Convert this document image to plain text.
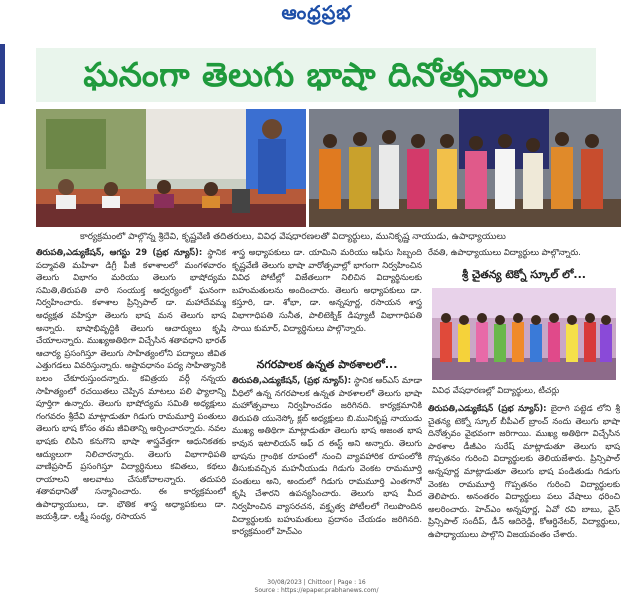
ఆంధ్రప్రభ
ఘనంగా తెలుగు భాషా దినోత్సవాలు
కార్యక్రమంలో పాల్గొన్న శ్రీదేవి, కృష్ణవేణి తదితరులు, వివిధ వేషధారణలతో విద్యార్థులు, మునికృష్ణ నాయుడు, ఉపాధ్యాయులు
తిరుపతి,ఎడ్యుకేషన్, ఆగస్టు 29 (ప్రభ న్యూస్): స్థానిక పద్మావతి మహిళా డిగ్రీ పీజీ కళాశాలలో మంగళవారం తెలుగు విభాగం మరియు తెలుగు భాషోద్యమ సమితి,తిరుపతి వారి సంయుక్త ఆధ్వర్యంలో ఘనంగా నిర్వహించారు. కళాశాల ప్రిన్సిపాల్ డా. మహాదేవమ్మ అధ్యక్షత వహిస్తూ తెలుగు భాష మన తెలుగు భాష అన్నారు. భాషాభివృద్ధికి తెలుగు ఆచార్యులు కృషి చేయాలన్నారు. ముఖ్యఅతిథిగా విచ్చేసిన శతావధాని భారత్ ఆచార్య ప్రసంగిస్తూ తెలుగు సాహిత్యంలోని పద్యాలు జీవిత ఎత్తుగడలు వివరిస్తున్నారు. అష్టావధానం పద్య సాహిత్యానికి బలం చేకూరుస్తుందన్నారు. కవిత్రయ వర్గీ నన్నయ సాహిత్యంలో రచయితలు చెప్పిన మాటలు పలి ఫ్యాలాన్ని పూర్తిగా ఉన్నారు. తెలుగు భాషోద్యమ సమితి అధ్యక్షులు గంగవరం శ్రీదేవి మాట్లాడుతూ గిడుగు రామమూర్తి పంతులు తెలుగు భాష కోసం తమ జీవితాన్ని అర్పించారన్నారు. నవల భాషకు లిపిని కనుగొని భాషా శాస్త్రవేత్తగా ఆధునికతకు ఆద్యులుగా నిలిచారన్నారు. తెలుగు విభాగాధిపతి వాణిప్రసాద్ ప్రసంగిస్తూ విద్యార్థినులు కవితలు, కథలు రాయాలని అలవాటు చేసుకోవాలన్నారు. తదుపరి శతావధానితో సన్మానించారు. ఈ కార్యక్రమంలో ఉపాధ్యాయులు, డా. భౌతిక శాస్త్ర అధ్యాపకులు డా. జయశ్రీ,డా. లక్ష్మీ సంధ్య, రసాయన
శాస్త్ర అధ్యాపకులు డా. యామిని మరియు ఆఫీసు సిబ్బంది కృష్ణవేణి తెలుగు భాషా వారోత్సవాల్లో భాగంగా నిర్వహించిన వివిధ పోటీల్లో విజేతలుగా నిలిచిన విద్యార్థినులకు బహుమతులను అందించారు. తెలుగు అధ్యాపకులు డా. కస్తూరి, డా. శోభా, డా. అన్నపూర్ణ, రసాయన శాస్త్ర విభాగాధిపతి సునీత, పాలిటెక్నిక్ డిప్యూటీ విభాగాధిపతి సాయి కుమార్, విద్యార్థినులు పాల్గొన్నారు.
నగరపాలక ఉన్నత పాఠశాలలో...
తిరుపతి,ఎడ్యుకేషన్, (ప్రభ న్యూస్): స్థానిక ఆర్ఎస్ మాడా వీధిలో ఉన్న నగరపాలక ఉన్నత పాఠశాలలో తెలుగు భాషా మహోత్సవాలు నిర్వహించడం జరిగినది. కార్యక్రమానికి తిరుపతి యునెస్కో క్లబ్ అధ్యక్షులు బి.మునికృష్ణ నాయుడు ముఖ్య అతిథిగా మాట్లాడుతూ తెలుగు భాష అజంత భాష కావున ఇటాలియన్ ఆఫ్ ద ఈస్ట్ అని అన్నారు. తెలుగు భాషను గ్రాంథిక రూపంలో నుంచి వ్యావహారిక రూపంలోకి తీసుకువచ్చిన మహనీయుడు గిడుగు వెంకట రామమూర్తి పంతులు అని, అందులో గిడుగు రామమూర్తి ఎంతగానో కృషి చేశారని ఉపన్యసించారు. తెలుగు భాష మీద నిర్వహించిన వ్యాసరచన, వక్తృత్వ పోటీలలో గెలుపొందిన విద్యార్థులకు బహుమతులు ప్రదానం చేయడం జరిగినది. కార్యక్రమంలో హెచ్ఎం
రేవతి, ఉపాధ్యాయులు విద్యార్థులు పాల్గొన్నారు.
శ్రీ చైతన్య టెక్నో స్కూల్ లో...
వివిధ వేషధారణల్లో విద్యార్థులు, టీచర్లు
తిరుపతి,ఎడ్యుకేషన్ (ప్రభ న్యూస్): బైరాగి పట్టెడ లోని శ్రీ చైతన్య టెక్నో స్కూల్ బీపీఎల్ బ్రాంచ్ నందు తెలుగు భాషా దినోత్సవం వైభవంగా జరిగాయి. ముఖ్య అతిథిగా విచ్చేసిన పాఠశాల డీజీఎం సురేష్ మాట్లాడుతూ తెలుగు భాష గొప్పతనం గురించి విద్యార్థులకు తెలియజేశారు. ప్రిన్సిపాల్ అన్నపూర్ణ మాట్లాడుతూ తెలుగు భాష పండితుడు గిడుగు వెంకట రామమూర్తి గొప్పతనం గురించి విద్యార్థులకు తెలిపారు. అనంతరం విద్యార్థులు పలు వేషాలు ధరించి అలరించారు. హెచ్ఎం అన్నపూర్ణ, ఏవో రవి బాబు, వైస్ ప్రిన్సిపాల్ సందీప్, డీన్ ఆదిరెడ్డి, కోఆర్డినేటర్, విద్యార్థులు, ఉపాధ్యాయులు పాల్గొని విజయవంతం చేశారు.
30/08/2023 | Chittoor | Page : 16
Source : https://epaper.prabhanews.com/
